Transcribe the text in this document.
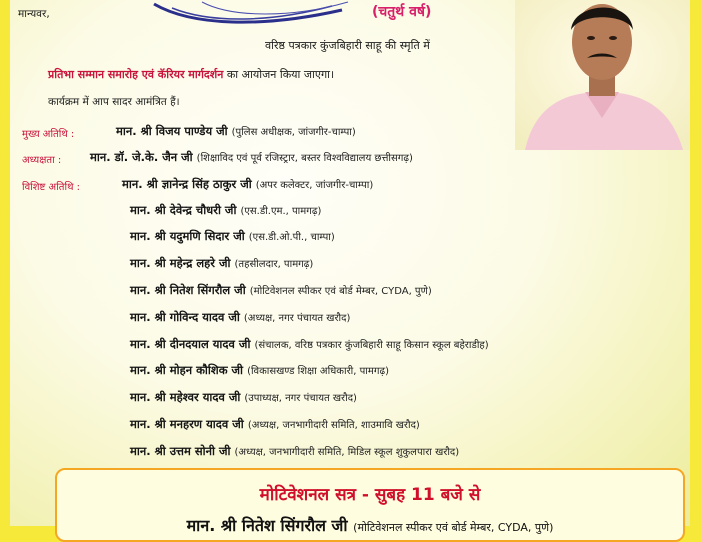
(चतुर्थ वर्ष)
मान्यवर,
वरिष्ठ पत्रकार कुंजबिहारी साहू की स्मृति में
प्रतिभा सम्मान समारोह एवं कॅरियर मार्गदर्शन का आयोजन किया जाएगा।
कार्यक्रम में आप सादर आमंत्रित हैं।
मुख्य अतिथि :	मान. श्री विजय पाण्डेय जी (पुलिस अधीक्षक, जांजगीर-चाम्पा)
अध्यक्षता :	मान. डॉ. जे.के. जैन जी (शिक्षाविद एवं पूर्व रजिस्ट्रार, बस्तर विश्वविद्यालय छत्तीसगढ़)
विशिष्ट अतिथि :	मान. श्री ज्ञानेन्द्र सिंह ठाकुर जी (अपर कलेक्टर, जांजगीर-चाम्पा)
मान. श्री देवेन्द्र चौधरी जी (एस.डी.एम., पामगढ़)
मान. श्री यदुमणि सिदार जी (एस.डी.ओ.पी., चाम्पा)
मान. श्री महेन्द्र लहरे जी (तहसीलदार, पामगढ़)
मान. श्री नितेश सिंगरौल जी (मोटिवेशनल स्पीकर एवं बोर्ड मेम्बर, CYDA, पुणे)
मान. श्री गोविन्द यादव जी (अध्यक्ष, नगर पंचायत खरौद)
मान. श्री दीनदयाल यादव जी (संचालक, वरिष्ठ पत्रकार कुंजबिहारी साहू किसान स्कूल बहेराडीह)
मान. श्री मोहन कौशिक जी (विकासखण्ड शिक्षा अधिकारी, पामगढ़)
मान. श्री महेश्वर यादव जी (उपाध्यक्ष, नगर पंचायत खरौद)
मान. श्री मनहरण यादव जी (अध्यक्ष, जनभागीदारी समिति, शाउमावि खरौद)
मान. श्री उत्तम सोनी जी (अध्यक्ष, जनभागीदारी समिति, मिडिल स्कूल शुकुलपारा खरौद)
मोटिवेशनल सत्र - सुबह 11 बजे से
मान. श्री नितेश सिंगरौल जी (मोटिवेशनल स्पीकर एवं बोर्ड मेम्बर, CYDA, पुणे)
